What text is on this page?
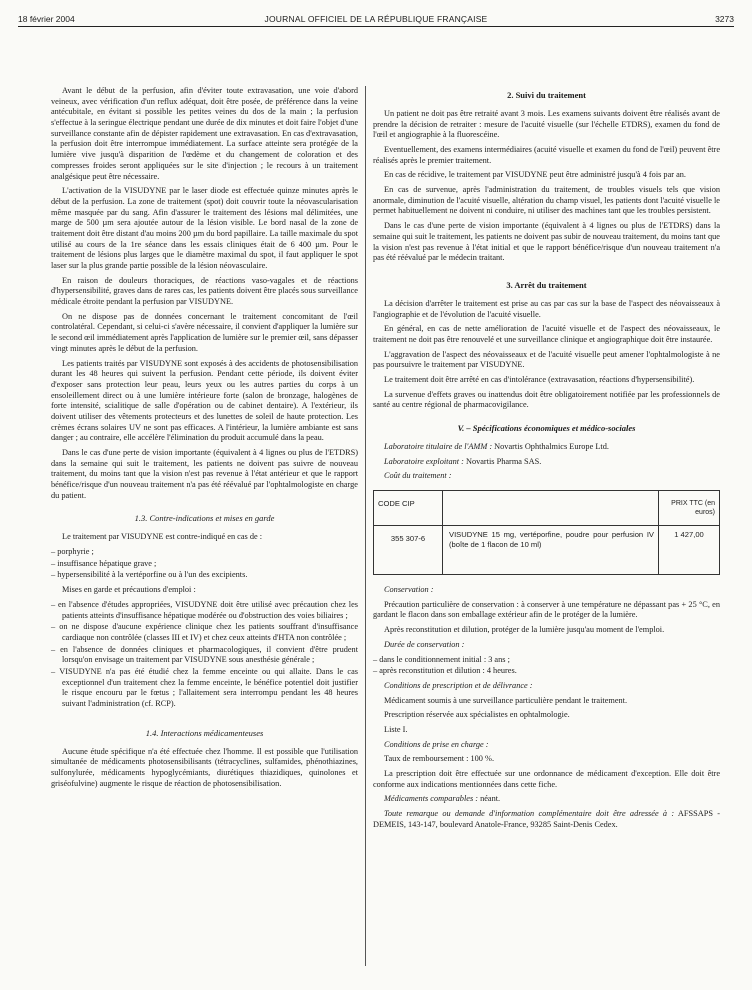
18 février 2004	JOURNAL OFFICIEL DE LA RÉPUBLIQUE FRANÇAISE	3273

Avant le début de la perfusion, afin d'éviter toute extravasation, une voie d'abord veineux, avec vérification d'un reflux adéquat, doit être posée, de préférence dans la veine antécubitale, en évitant si possible les petites veines du dos de la main ; la perfusion s'effectue à la seringue électrique pendant une durée de dix minutes et doit faire l'objet d'une surveillance constante afin de dépister rapidement une extravasation. En cas d'extravasation, la perfusion doit être interrompue immédiatement. La surface atteinte sera protégée de la lumière vive jusqu'à disparition de l'œdème et du changement de coloration et des compresses froides seront appliquées sur le site d'injection ; le recours à un traitement analgésique peut être nécessaire.

L'activation de la VISUDYNE par le laser diode est effectuée quinze minutes après le début de la perfusion. La zone de traitement (spot) doit couvrir toute la néovascularisation même masquée par du sang. Afin d'assurer le traitement des lésions mal délimitées, une marge de 500 µm sera ajoutée autour de la lésion visible. Le bord nasal de la zone de traitement doit être distant d'au moins 200 µm du bord papillaire. La taille maximale du spot utilisé au cours de la 1re séance dans les essais cliniques était de 6 400 µm. Pour le traitement de lésions plus larges que le diamètre maximal du spot, il faut appliquer le spot laser sur la plus grande partie possible de la lésion néovasculaire.

En raison de douleurs thoraciques, de réactions vaso-vagales et de réactions d'hypersensibilité, graves dans de rares cas, les patients doivent être placés sous surveillance médicale étroite pendant la perfusion par VISUDYNE.

On ne dispose pas de données concernant le traitement concomitant de l'œil controlatéral. Cependant, si celui-ci s'avère nécessaire, il convient d'appliquer la lumière sur le second œil immédiatement après l'application de lumière sur le premier œil, sans dépasser vingt minutes après le début de la perfusion.

Les patients traités par VISUDYNE sont exposés à des accidents de photosensibilisation durant les 48 heures qui suivent la perfusion. Pendant cette période, ils doivent éviter d'exposer sans protection leur peau, leurs yeux ou les autres parties du corps à un ensoleillement direct ou à une lumière intérieure forte (salon de bronzage, halogènes de forte intensité, scialitique de salle d'opération ou de cabinet dentaire). A l'extérieur, ils doivent utiliser des vêtements protecteurs et des lunettes de soleil de haute protection. Les crèmes écrans solaires UV ne sont pas efficaces. A l'intérieur, la lumière ambiante est sans danger ; au contraire, elle accélère l'élimination du produit accumulé dans la peau.

Dans le cas d'une perte de vision importante (équivalent à 4 lignes ou plus de l'ETDRS) dans la semaine qui suit le traitement, les patients ne doivent pas suivre de nouveau traitement, du moins tant que la vision n'est pas revenue à l'état antérieur et que le rapport bénéfice/risque d'un nouveau traitement n'a pas été réévalué par l'ophtalmologiste en charge du patient.

1.3. Contre-indications et mises en garde

Le traitement par VISUDYNE est contre-indiqué en cas de :

– porphyrie ;
– insuffisance hépatique grave ;
– hypersensibilité à la vertéporfine ou à l'un des excipients.

Mises en garde et précautions d'emploi :

– en l'absence d'études appropriées, VISUDYNE doit être utilisé avec précaution chez les patients atteints d'insuffisance hépatique modérée ou d'obstruction des voies biliaires ;
– on ne dispose d'aucune expérience clinique chez les patients souffrant d'insuffisance cardiaque non contrôlée (classes III et IV) et chez ceux atteints d'HTA non contrôlée ;
– en l'absence de données cliniques et pharmacologiques, il convient d'être prudent lorsqu'on envisage un traitement par VISUDYNE sous anesthésie générale ;
– VISUDYNE n'a pas été étudié chez la femme enceinte ou qui allaite. Dans le cas exceptionnel d'un traitement chez la femme enceinte, le bénéfice potentiel doit justifier le risque encouru par le fœtus ; l'allaitement sera interrompu pendant les 48 heures suivant l'administration (cf. RCP).
1.4. Interactions médicamenteuses

Aucune étude spécifique n'a été effectuée chez l'homme. Il est possible que l'utilisation simultanée de médicaments photosensibilisants (tétracyclines, sulfamides, phénothiazines, sulfonylurée, médicaments hypoglycémiants, diurétiques thiazidiques, quinolones et griséofulvine) augmente le risque de réaction de photosensibilisation.

2. Suivi du traitement

Un patient ne doit pas être retraité avant 3 mois. Les examens suivants doivent être réalisés avant de prendre la décision de retraiter : mesure de l'acuité visuelle (sur l'échelle ETDRS), examen du fond de l'œil et angiographie à la fluorescéine.

Eventuellement, des examens intermédiaires (acuité visuelle et examen du fond de l'œil) peuvent être réalisés après le premier traitement.

En cas de récidive, le traitement par VISUDYNE peut être administré jusqu'à 4 fois par an.

En cas de survenue, après l'administration du traitement, de troubles visuels tels que vision anormale, diminution de l'acuité visuelle, altération du champ visuel, les patients dont l'acuité visuelle le permet habituellement ne doivent ni conduire, ni utiliser des machines tant que les troubles persistent.

Dans le cas d'une perte de vision importante (équivalent à 4 lignes ou plus de l'ETDRS) dans la semaine qui suit le traitement, les patients ne doivent pas subir de nouveau traitement, du moins tant que la vision n'est pas revenue à l'état initial et que le rapport bénéfice/risque d'un nouveau traitement n'a pas été réévalué par le médecin traitant.

3. Arrêt du traitement

La décision d'arrêter le traitement est prise au cas par cas sur la base de l'aspect des néovaisseaux à l'angiographie et de l'évolution de l'acuité visuelle.

En général, en cas de nette amélioration de l'acuité visuelle et de l'aspect des néovaisseaux, le traitement ne doit pas être renouvelé et une surveillance clinique et angiographique doit être instaurée.

L'aggravation de l'aspect des néovaisseaux et de l'acuité visuelle peut amener l'ophtalmologiste à ne pas poursuivre le traitement par VISUDYNE.

Le traitement doit être arrêté en cas d'intolérance (extravasation, réactions d'hypersensibilité).

La survenue d'effets graves ou inattendus doit être obligatoirement notifiée par les professionnels de santé au centre régional de pharmacovigilance.

V. – Spécifications économiques et médico-sociales

Laboratoire titulaire de l'AMM : Novartis Ophthalmics Europe Ltd.

Laboratoire exploitant : Novartis Pharma SAS.

Coût du traitement :

CODE CIP		PRIX TTC (en euros)
355 307-6	VISUDYNE 15 mg, vertéporfine, poudre pour perfusion IV (boîte de 1 flacon de 10 ml)	1 427,00

Conservation :

Précaution particulière de conservation : à conserver à une température ne dépassant pas + 25 °C, en gardant le flacon dans son emballage extérieur afin de le protéger de la lumière.

Après reconstitution et dilution, protéger de la lumière jusqu'au moment de l'emploi.

Durée de conservation :

– dans le conditionnement initial : 3 ans ;
– après reconstitution et dilution : 4 heures.

Conditions de prescription et de délivrance :

Médicament soumis à une surveillance particulière pendant le traitement.

Prescription réservée aux spécialistes en ophtalmologie.

Liste I.

Conditions de prise en charge :

Taux de remboursement : 100 %.

La prescription doit être effectuée sur une ordonnance de médicament d'exception. Elle doit être conforme aux indications mentionnées dans cette fiche.

Médicaments comparables : néant.

Toute remarque ou demande d'information complémentaire doit être adressée à : AFSSAPS - DEMEIS, 143-147, boulevard Anatole-France, 93285 Saint-Denis Cedex.
